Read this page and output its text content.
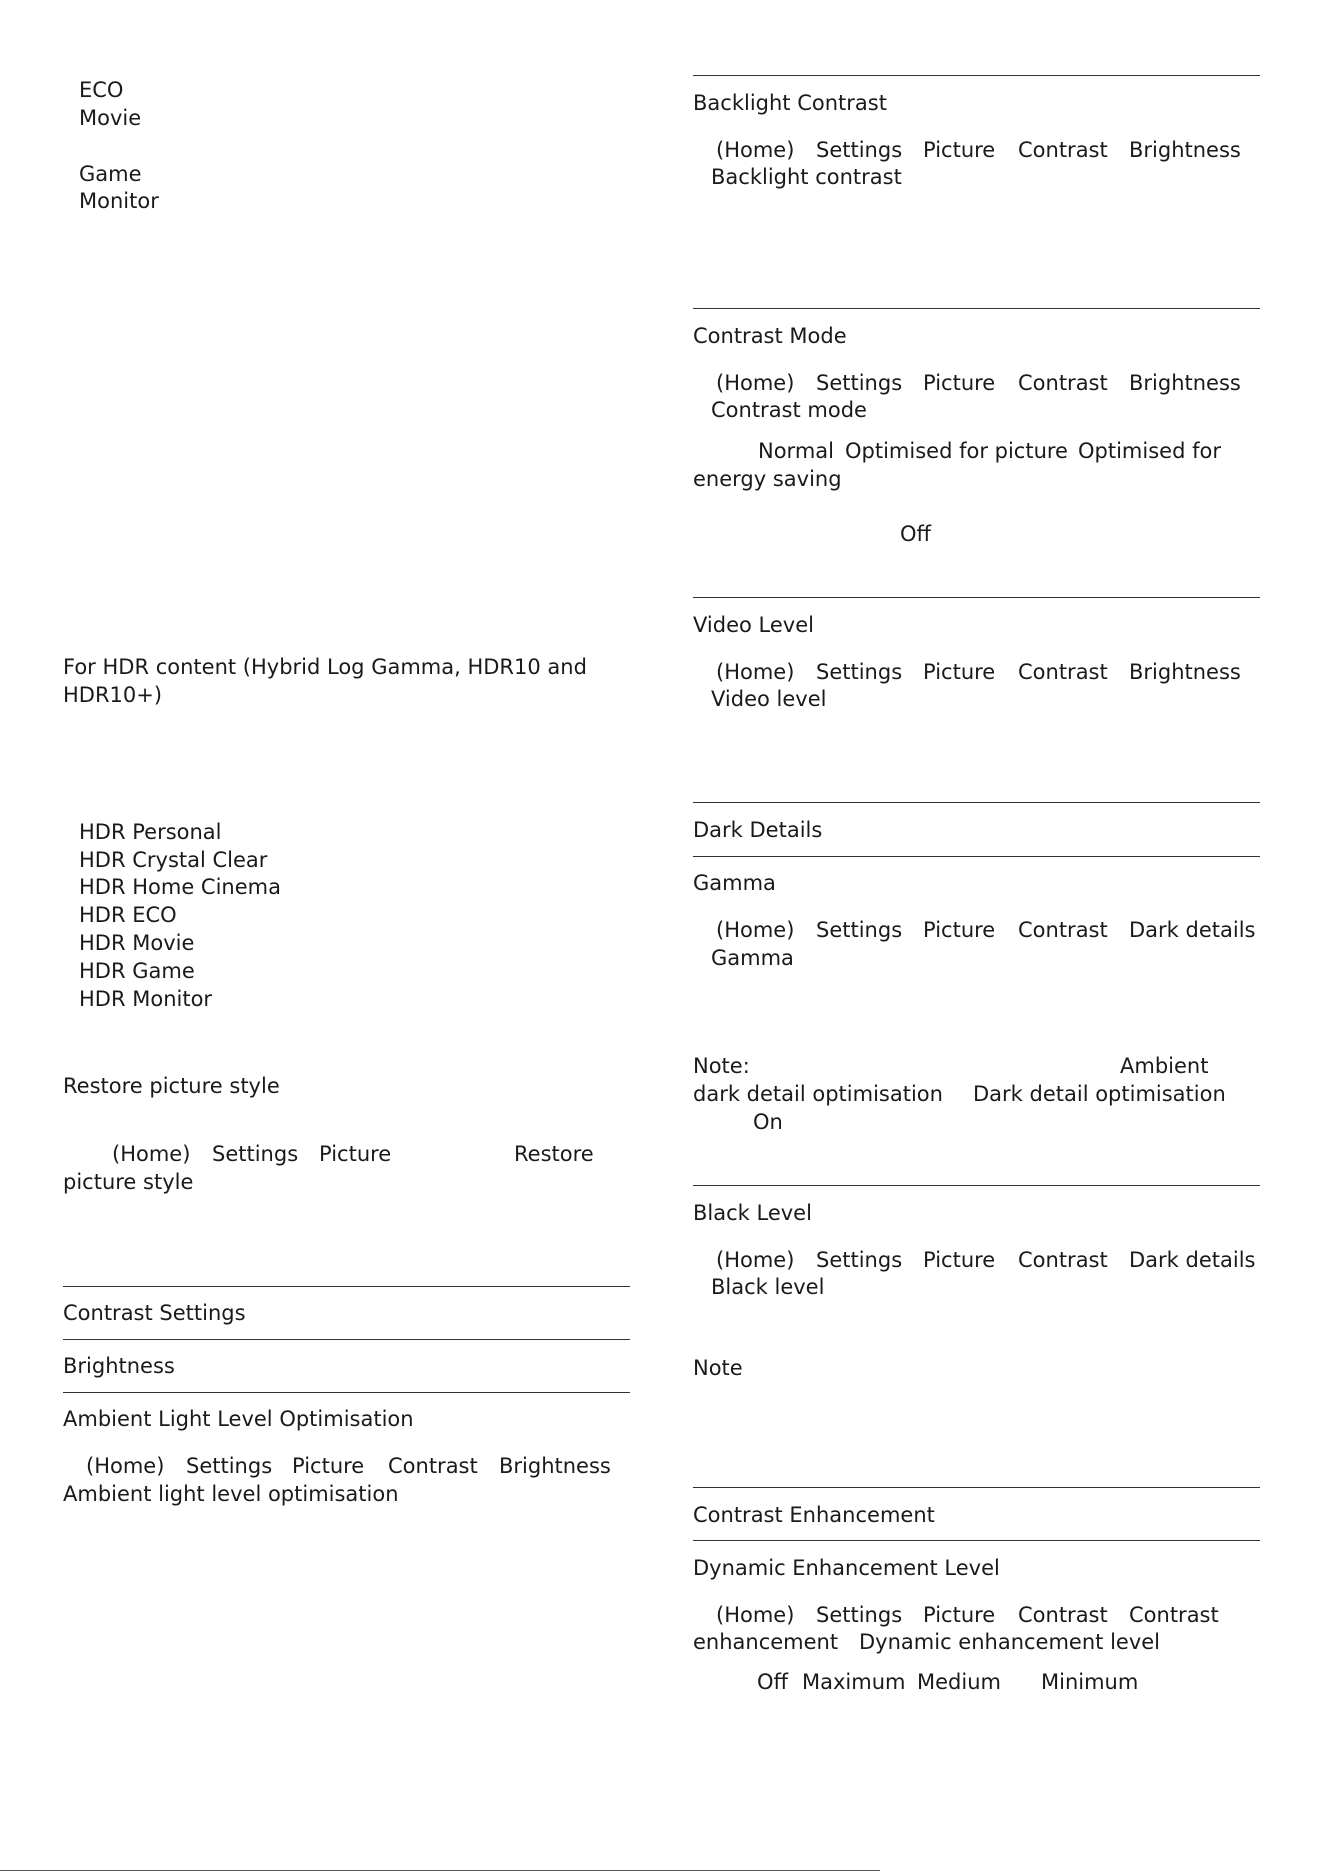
ECO
Movie
Game
Monitor
For HDR content (Hybrid Log Gamma, HDR10 and
HDR10+)
HDR Personal
HDR Crystal Clear
HDR Home Cinema
HDR ECO
HDR Movie
HDR Game
HDR Monitor
Restore picture style
(Home) Settings Picture	Restore
picture style
Contrast Settings
Brightness
Ambient Light Level Optimisation
(Home) Settings Picture Contrast Brightness
Ambient light level optimisation
Backlight Contrast
(Home) Settings Picture Contrast Brightness
Backlight contrast
Contrast Mode
(Home) Settings Picture Contrast Brightness
Contrast mode
Normal Optimised for picture Optimised for
energy saving
Off
Video Level
(Home) Settings Picture Contrast Brightness
Video level
Dark Details
Gamma
(Home) Settings Picture Contrast Dark details
Gamma
Note:	Ambient
dark detail optimisation Dark detail optimisation
On
Black Level
(Home) Settings Picture Contrast Dark details
Black level
Note
Contrast Enhancement
Dynamic Enhancement Level
(Home) Settings Picture Contrast Contrast
enhancement Dynamic enhancement level
Off Maximum Medium Minimum
